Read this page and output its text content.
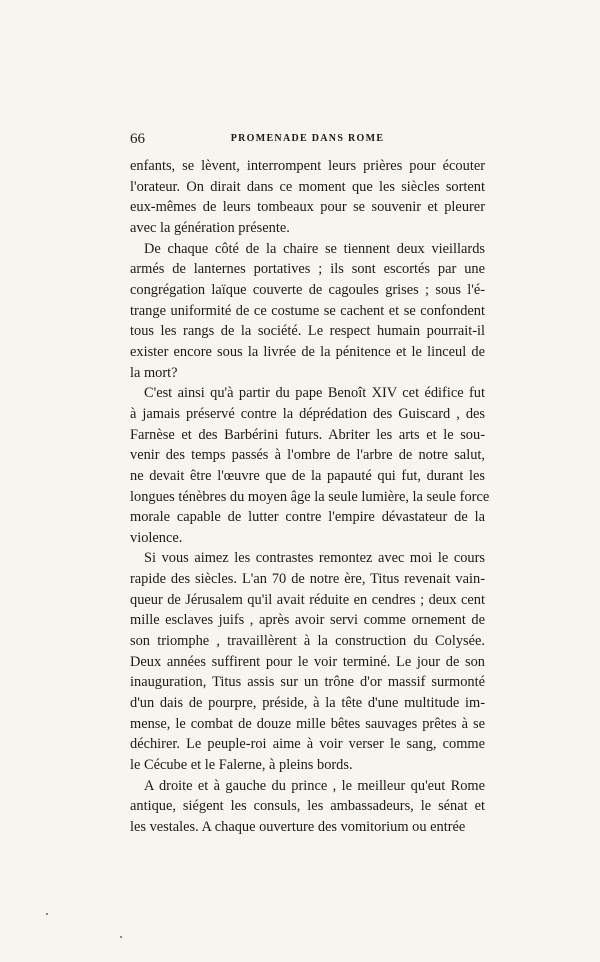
66	PROMENADE DANS ROME

enfants, se lèvent, interrompent leurs prières pour écouter
l'orateur. On dirait dans ce moment que les siècles sortent
eux-mêmes de leurs tombeaux pour se souvenir et pleurer
avec la génération présente.

De chaque côté de la chaire se tiennent deux vieillards
armés de lanternes portatives ; ils sont escortés par une
congrégation laïque couverte de cagoules grises ; sous l'é-
trange uniformité de ce costume se cachent et se confondent
tous les rangs de la société. Le respect humain pourrait-il
exister encore sous la livrée de la pénitence et le linceul de
la mort?

C'est ainsi qu'à partir du pape Benoît XIV cet édifice fut
à jamais préservé contre la déprédation des Guiscard , des
Farnèse et des Barbérini futurs. Abriter les arts et le sou-
venir des temps passés à l'ombre de l'arbre de notre salut,
ne devait être l'œuvre que de la papauté qui fut, durant les
longues ténèbres du moyen âge la seule lumière, la seule force
morale capable de lutter contre l'empire dévastateur de la
violence.

Si vous aimez les contrastes remontez avec moi le cours
rapide des siècles. L'an 70 de notre ère, Titus revenait vain-
queur de Jérusalem qu'il avait réduite en cendres ; deux cent
mille esclaves juifs , après avoir servi comme ornement de
son triomphe , travaillèrent à la construction du Colysée.
Deux années suffirent pour le voir terminé. Le jour de son
inauguration, Titus assis sur un trône d'or massif surmonté
d'un dais de pourpre, préside, à la tête d'une multitude im-
mense, le combat de douze mille bêtes sauvages prêtes à se
déchirer. Le peuple-roi aime à voir verser le sang, comme
le Cécube et le Falerne, à pleins bords.

A droite et à gauche du prince , le meilleur qu'eut Rome
antique, siégent les consuls, les ambassadeurs, le sénat et
les vestales. A chaque ouverture des vomitorium ou entrée
